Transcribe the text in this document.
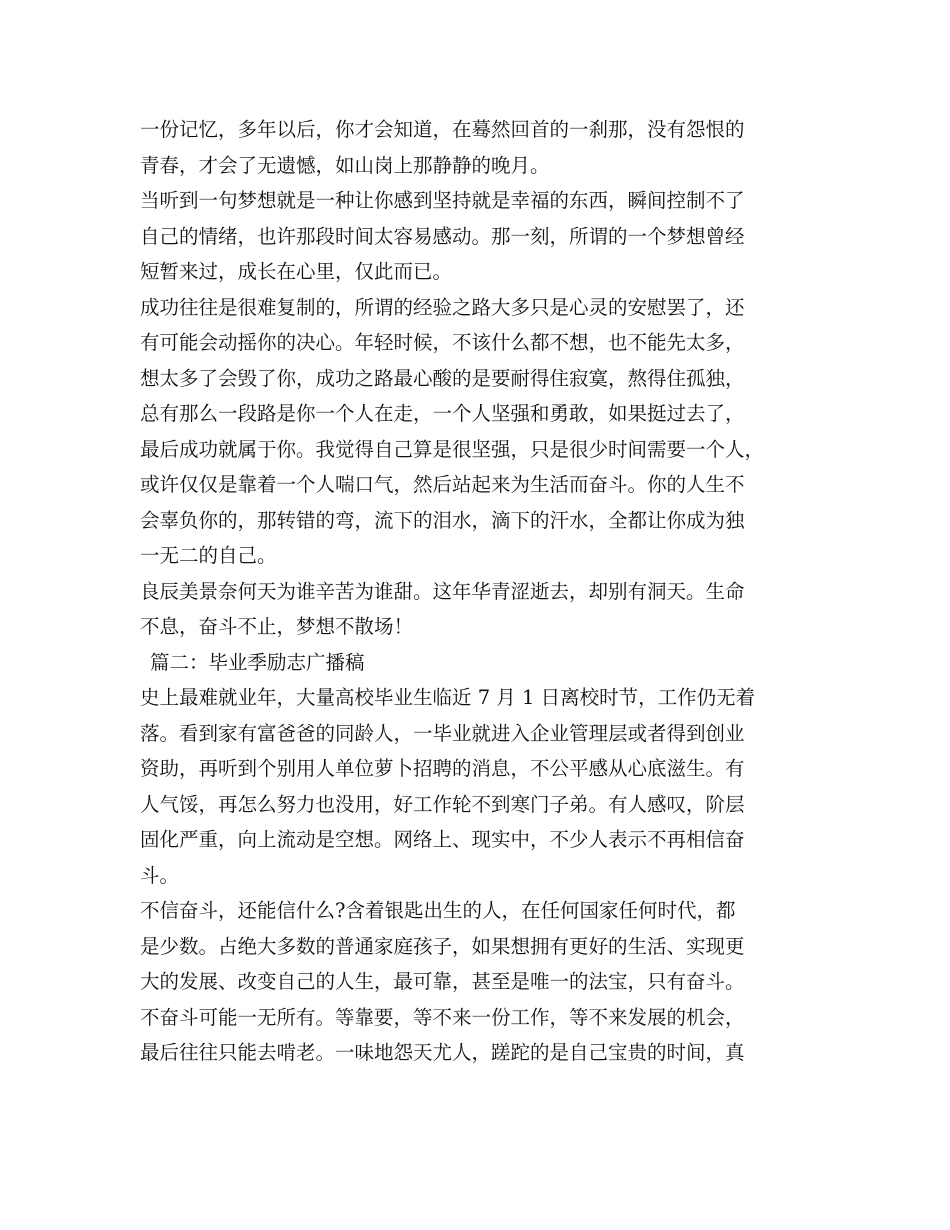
一份记忆，多年以后，你才会知道，在蓦然回首的一刹那，没有怨恨的
青春，才会了无遗憾，如山岗上那静静的晚月。
当听到一句梦想就是一种让你感到坚持就是幸福的东西，瞬间控制不了
自己的情绪，也许那段时间太容易感动。那一刻，所谓的一个梦想曾经
短暂来过，成长在心里，仅此而已。
成功往往是很难复制的，所谓的经验之路大多只是心灵的安慰罢了，还
有可能会动摇你的决心。年轻时候，不该什么都不想，也不能先太多，
想太多了会毁了你，成功之路最心酸的是要耐得住寂寞，熬得住孤独，
总有那么一段路是你一个人在走，一个人坚强和勇敢，如果挺过去了，
最后成功就属于你。我觉得自己算是很坚强，只是很少时间需要一个人，
或许仅仅是靠着一个人喘口气，然后站起来为生活而奋斗。你的人生不
会辜负你的，那转错的弯，流下的泪水，滴下的汗水，全都让你成为独
一无二的自己。
良辰美景奈何天为谁辛苦为谁甜。这年华青涩逝去，却别有洞天。生命
不息，奋斗不止，梦想不散场！
篇二：毕业季励志广播稿
史上最难就业年，大量高校毕业生临近 7 月 1 日离校时节，工作仍无着
落。看到家有富爸爸的同龄人，一毕业就进入企业管理层或者得到创业
资助，再听到个别用人单位萝卜招聘的消息，不公平感从心底滋生。有
人气馁，再怎么努力也没用，好工作轮不到寒门子弟。有人感叹，阶层
固化严重，向上流动是空想。网络上、现实中，不少人表示不再相信奋
斗。
不信奋斗，还能信什么?含着银匙出生的人，在任何国家任何时代，都
是少数。占绝大多数的普通家庭孩子，如果想拥有更好的生活、实现更
大的发展、改变自己的人生，最可靠，甚至是唯一的法宝，只有奋斗。
不奋斗可能一无所有。等靠要，等不来一份工作，等不来发展的机会，
最后往往只能去啃老。一味地怨天尤人，蹉跎的是自己宝贵的时间，真
